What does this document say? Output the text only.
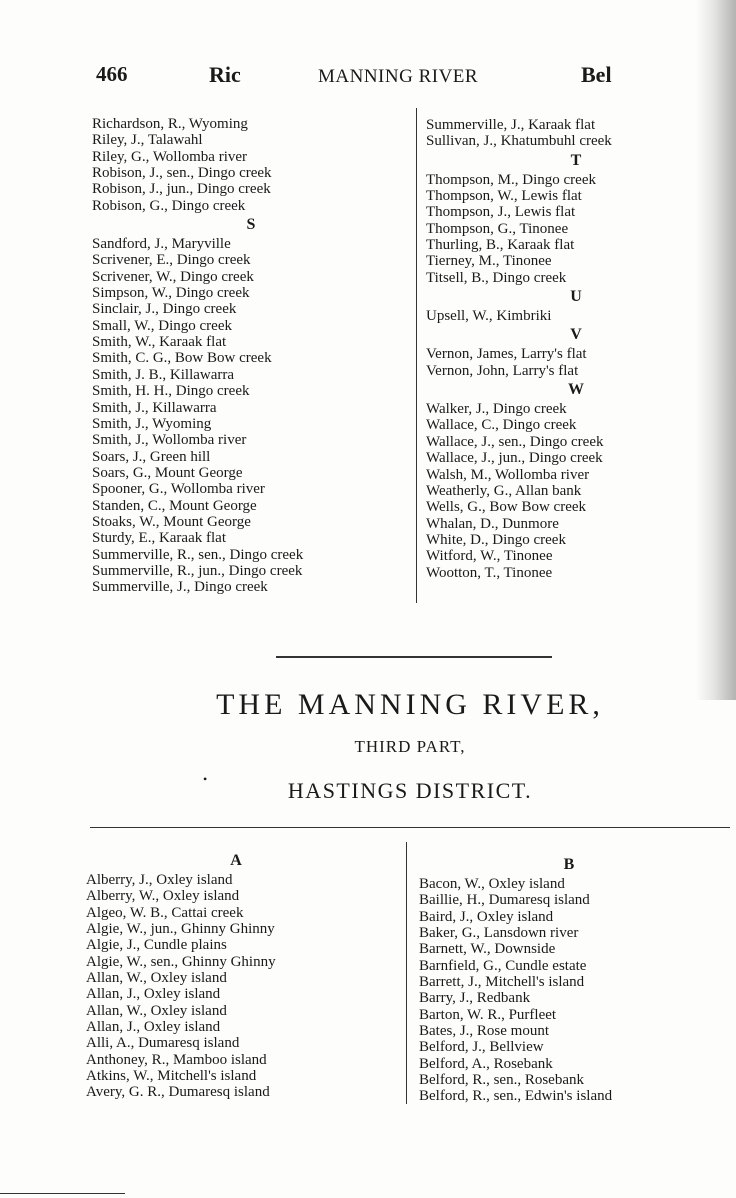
466	Ric	MANNING RIVER	Bel
Richardson, R., Wyoming
Riley, J., Talawahl
Riley, G., Wollomba river
Robison, J., sen., Dingo creek
Robison, J., jun., Dingo creek
Robison, G., Dingo creek
S
Sandford, J., Maryville
Scrivener, E., Dingo creek
Scrivener, W., Dingo creek
Simpson, W., Dingo creek
Sinclair, J., Dingo creek
Small, W., Dingo creek
Smith, W., Karaak flat
Smith, C. G., Bow Bow creek
Smith, J. B., Killawarra
Smith, H. H., Dingo creek
Smith, J., Killawarra
Smith, J., Wyoming
Smith, J., Wollomba river
Soars, J., Green hill
Soars, G., Mount George
Spooner, G., Wollomba river
Standen, C., Mount George
Stoaks, W., Mount George
Sturdy, E., Karaak flat
Summerville, R., sen., Dingo creek
Summerville, R., jun., Dingo creek
Summerville, J., Dingo creek
Summerville, J., Karaak flat
Sullivan, J., Khatumbuhl creek
T
Thompson, M., Dingo creek
Thompson, W., Lewis flat
Thompson, J., Lewis flat
Thompson, G., Tinonee
Thurling, B., Karaak flat
Tierney, M., Tinonee
Titsell, B., Dingo creek
U
Upsell, W., Kimbriki
V
Vernon, James, Larry's flat
Vernon, John, Larry's flat
W
Walker, J., Dingo creek
Wallace, C., Dingo creek
Wallace, J., sen., Dingo creek
Wallace, J., jun., Dingo creek
Walsh, M., Wollomba river
Weatherly, G., Allan bank
Wells, G., Bow Bow creek
Whalan, D., Dunmore
White, D., Dingo creek
Witford, W., Tinonee
Wootton, T., Tinonee
THE MANNING RIVER,
THIRD PART,
•	HASTINGS DISTRICT.
A
Alberry, J., Oxley island
Alberry, W., Oxley island
Algeo, W. B., Cattai creek
Algie, W., jun., Ghinny Ghinny
Algie, J., Cundle plains
Algie, W., sen., Ghinny Ghinny
Allan, W., Oxley island
Allan, J., Oxley island
Allan, W., Oxley island
Allan, J., Oxley island
Alli, A., Dumaresq island
Anthoney, R., Mamboo island
Atkins, W., Mitchell's island
Avery, G. R., Dumaresq island
B
Bacon, W., Oxley island
Baillie, H., Dumaresq island
Baird, J., Oxley island
Baker, G., Lansdown river
Barnett, W., Downside
Barnfield, G., Cundle estate
Barrett, J., Mitchell's island
Barry, J., Redbank
Barton, W. R., Purfleet
Bates, J., Rose mount
Belford, J., Bellview
Belford, A., Rosebank
Belford, R., sen., Rosebank
Belford, R., sen., Edwin's island
